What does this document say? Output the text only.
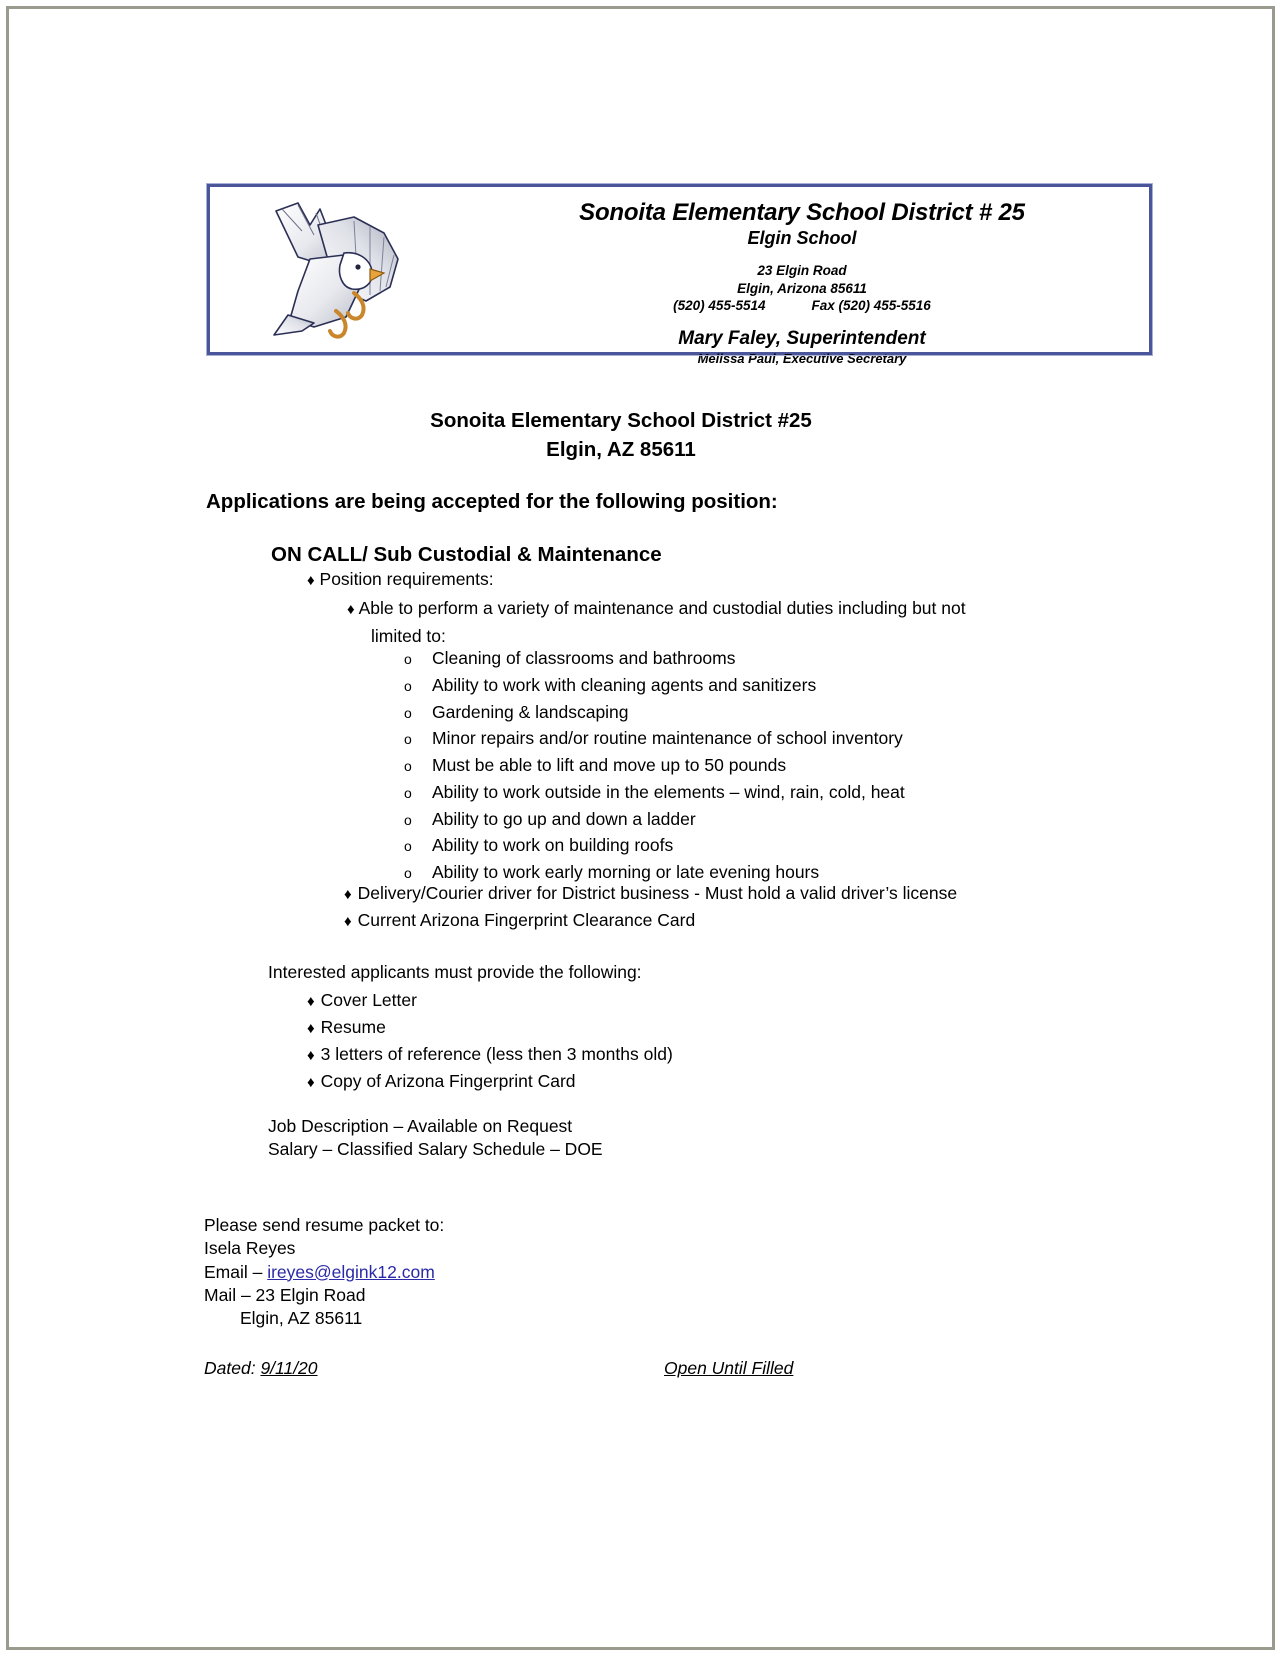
Sonoita Elementary School District # 25
Elgin School
23 Elgin Road
Elgin, Arizona 85611
(520) 455-5514	Fax (520) 455-5516
Mary Faley, Superintendent
Melissa Paul, Executive Secretary
Sonoita Elementary School District #25
Elgin, AZ 85611
Applications are being accepted for the following position:
ON CALL/ Sub Custodial & Maintenance
♦ Position requirements:
♦ Able to perform a variety of maintenance and custodial duties including but not
limited to:
o	Cleaning of classrooms and bathrooms
o	Ability to work with cleaning agents and sanitizers
o	Gardening & landscaping
o	Minor repairs and/or routine maintenance of school inventory
o	Must be able to lift and move up to 50 pounds
o	Ability to work outside in the elements – wind, rain, cold, heat
o	Ability to go up and down a ladder
o	Ability to work on building roofs
o	Ability to work early morning or late evening hours
♦ Delivery/Courier driver for District business - Must hold a valid driver’s license
♦ Current Arizona Fingerprint Clearance Card
Interested applicants must provide the following:
♦ Cover Letter
♦ Resume
♦ 3 letters of reference (less then 3 months old)
♦ Copy of Arizona Fingerprint Card
Job Description – Available on Request
Salary – Classified Salary Schedule – DOE
Please send resume packet to:
Isela Reyes
Email – ireyes@elgink12.com
Mail – 23 Elgin Road
Elgin, AZ 85611
Dated: 9/11/20	Open Until Filled
